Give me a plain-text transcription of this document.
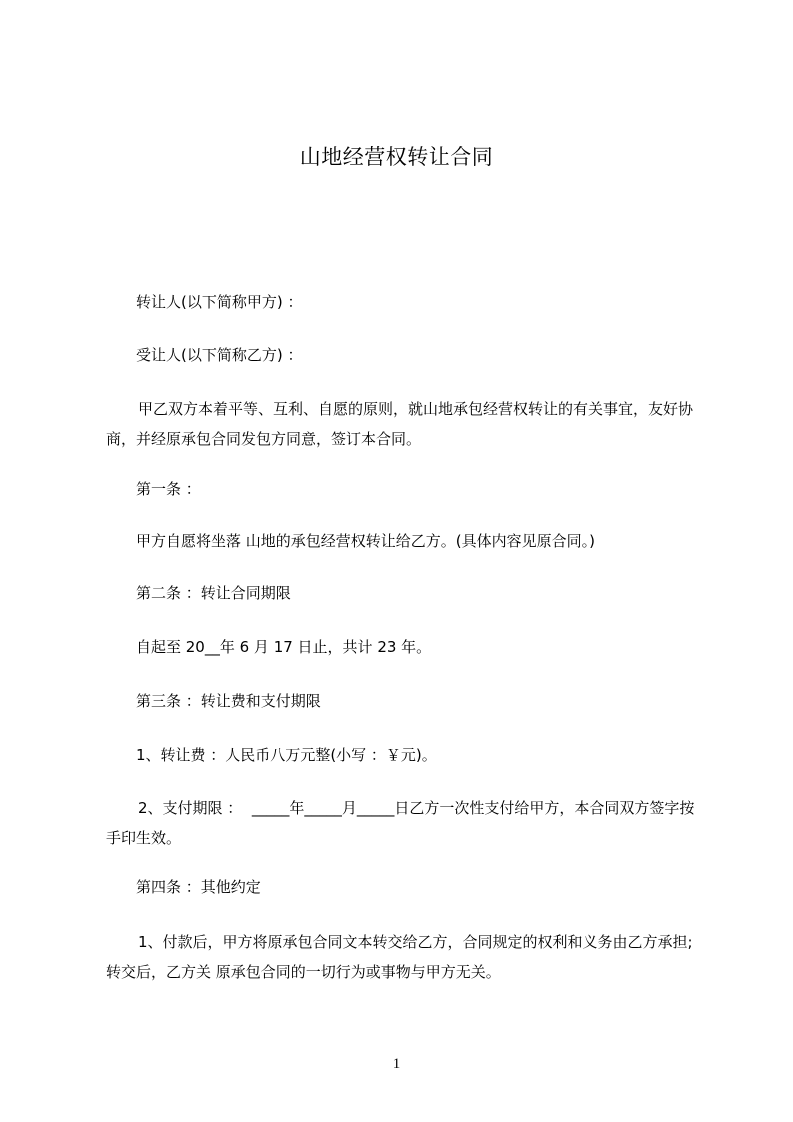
山地经营权转让合同
转让人(以下简称甲方) ：
受让人(以下简称乙方) ：
甲乙双方本着平等、互利、自愿的原则，就山地承包经营权转让的有关事宜，友好协商，并经原承包合同发包方同意，签订本合同。
第一条 ：
甲方自愿将坐落 山地的承包经营权转让给乙方。(具体内容见原合同。)
第二条 ：转让合同期限
自起至 20__年 6 月 17 日止，共计 23 年。
第三条 ：转让费和支付期限
1、转让费 ：人民币八万元整(小写 ：￥元)。
2、支付期限 ：  _____年_____月_____日乙方一次性支付给甲方，本合同双方签字按手印生效。
第四条 ：其他约定
1、付款后，甲方将原承包合同文本转交给乙方，合同规定的权利和义务由乙方承担;转交后，乙方关 原承包合同的一切行为或事物与甲方无关。
1
